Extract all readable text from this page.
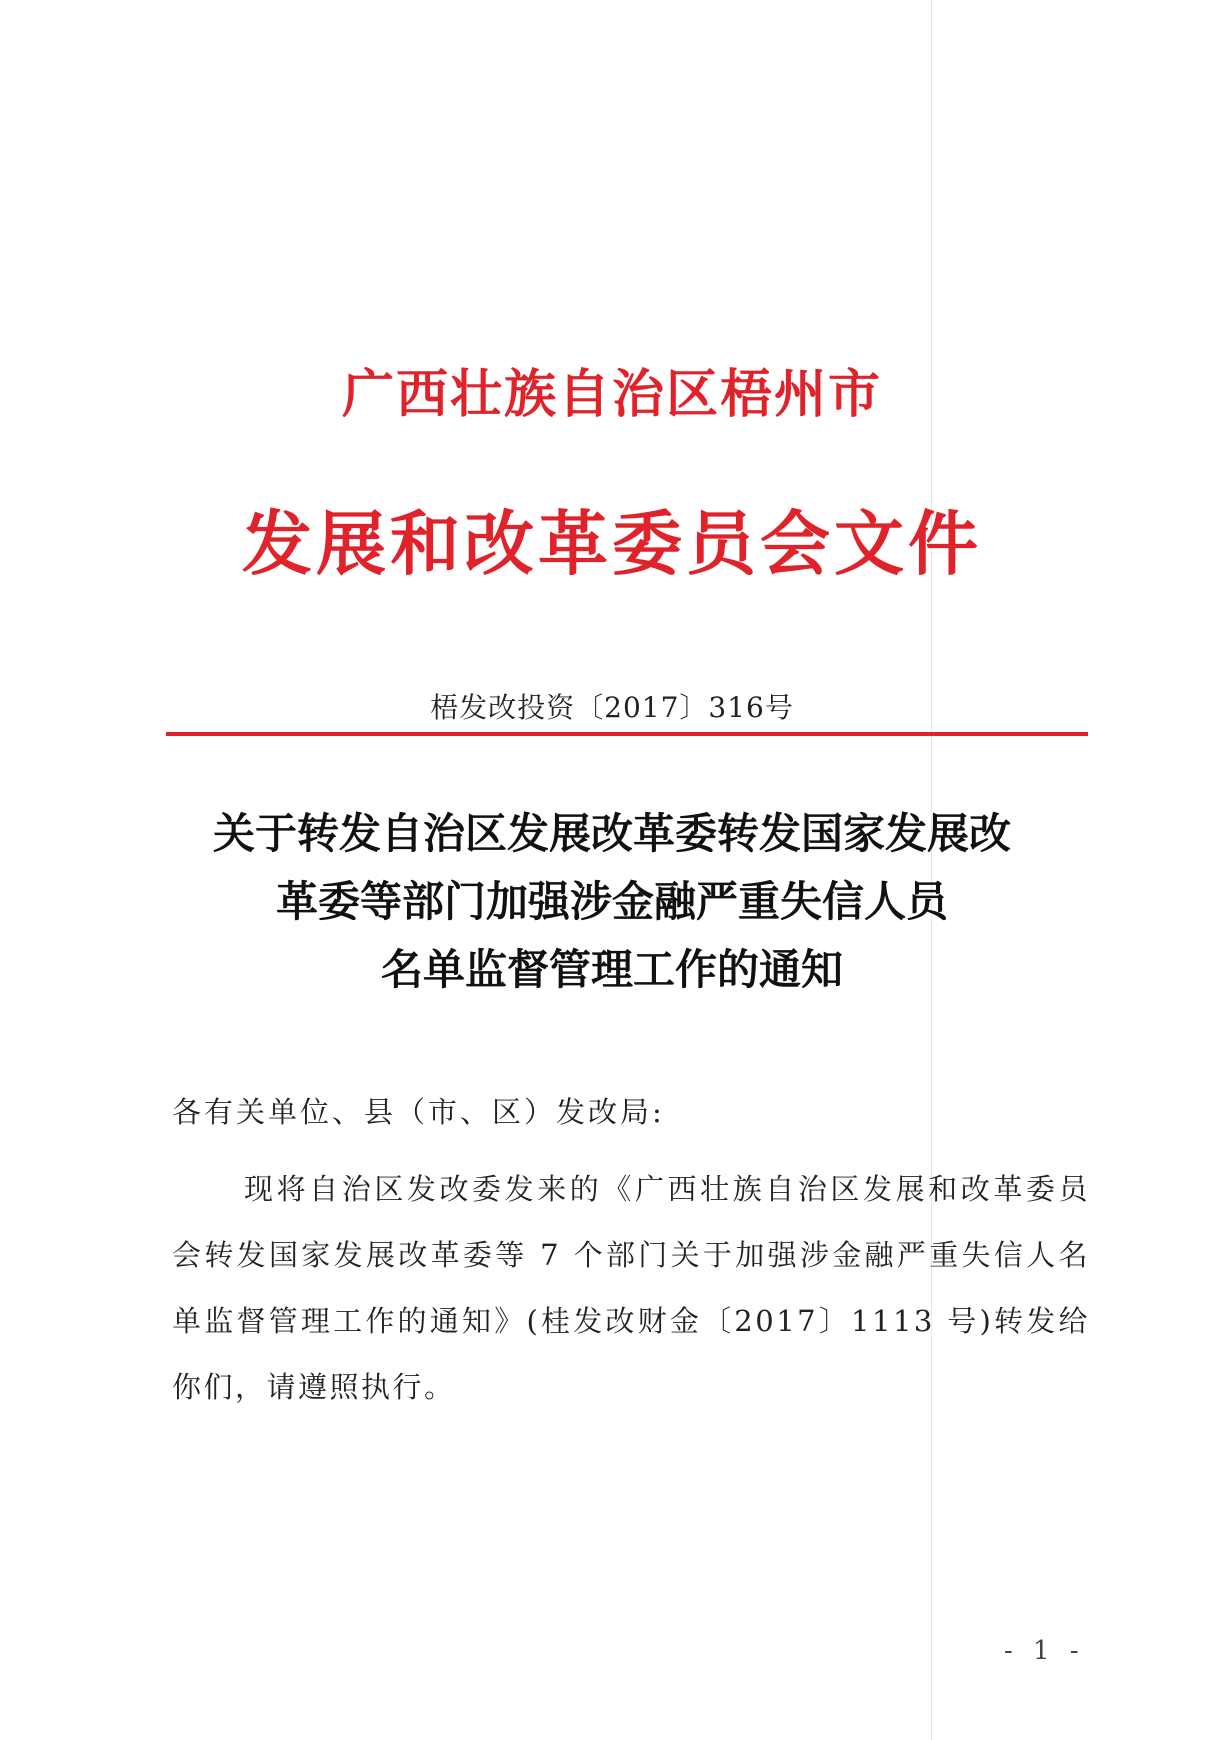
广西壮族自治区梧州市
发展和改革委员会文件
梧发改投资〔2017〕316号
关于转发自治区发展改革委转发国家发展改
革委等部门加强涉金融严重失信人员
名单监督管理工作的通知
各有关单位、县（市、区）发改局:
现将自治区发改委发来的《广西壮族自治区发展和改革委员会转发国家发展改革委等 7 个部门关于加强涉金融严重失信人名单监督管理工作的通知》(桂发改财金〔2017〕1113 号)转发给你们，请遵照执行。
- 1 -
